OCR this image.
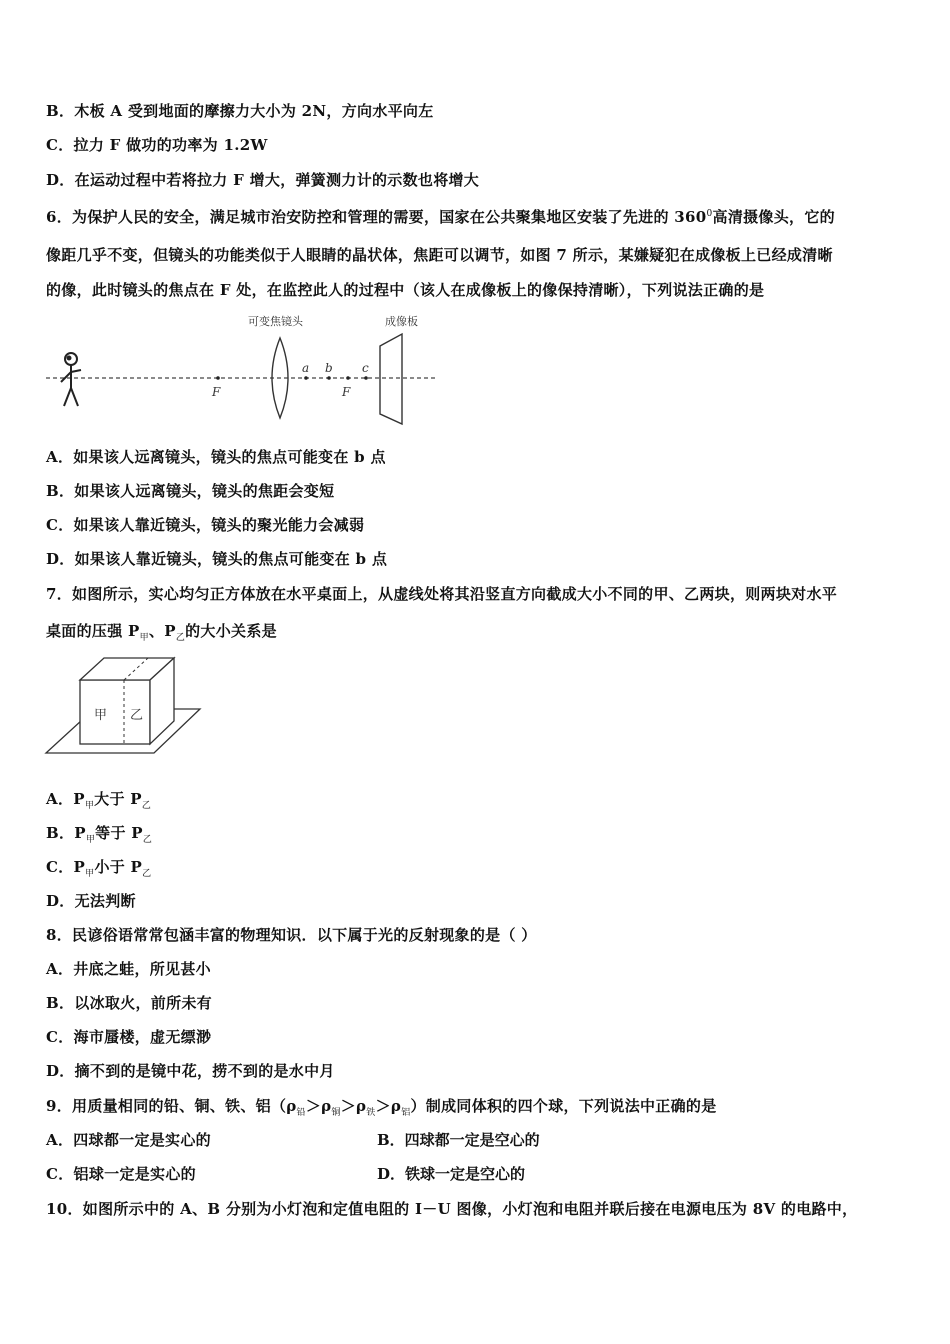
B．木板 A 受到地面的摩擦力大小为 2N，方向水平向左
C．拉力 F 做功的功率为 1.2W
D．在运动过程中若将拉力 F 增大，弹簧测力计的示数也将增大
6．为保护人民的安全，满足城市治安防控和管理的需要，国家在公共聚集地区安装了先进的 $360^0$高清摄像头，它的
像距几乎不变，但镜头的功能类似于人眼睛的晶状体，焦距可以调节，如图 7 所示，某嫌疑犯在成像板上已经成清晰
的像，此时镜头的焦点在 F 处，在监控此人的过程中（该人在成像板上的像保持清晰），下列说法正确的是
可变焦镜头	成像板
F
a b
F
c
A．如果该人远离镜头，镜头的焦点可能变在 b 点
B．如果该人远离镜头，镜头的焦距会变短
C．如果该人靠近镜头，镜头的聚光能力会减弱
D．如果该人靠近镜头，镜头的焦点可能变在 b 点
7．如图所示，实心均匀正方体放在水平桌面上，从虚线处将其沿竖直方向截成大小不同的甲、乙两块，则两块对水平
桌面的压强 $P_甲$、$P_乙$的大小关系是
甲 乙
A．$P_甲$大于 $P_乙$
B．$P_甲$等于 $P_乙$
C．$P_甲$小于 $P_乙$
D．无法判断
8．民谚俗语常常包涵丰富的物理知识．以下属于光的反射现象的是（ ）
A．井底之蛙，所见甚小
B．以冰取火，前所未有
C．海市蜃楼，虚无缥渺
D．摘不到的是镜中花，捞不到的是水中月
9．用质量相同的铅、铜、铁、铝$(\rho_铅>\rho_铜>\rho_铁>\rho_铝)$制成同体积的四个球，下列说法中正确的是
A．四球都一定是实心的	B．四球都一定是空心的
C．铝球一定是实心的	D．铁球一定是空心的
10．如图所示中的 A、B 分别为小灯泡和定值电阻的 I－U 图像，小灯泡和电阻并联后接在电源电压为 8V 的电路中，
